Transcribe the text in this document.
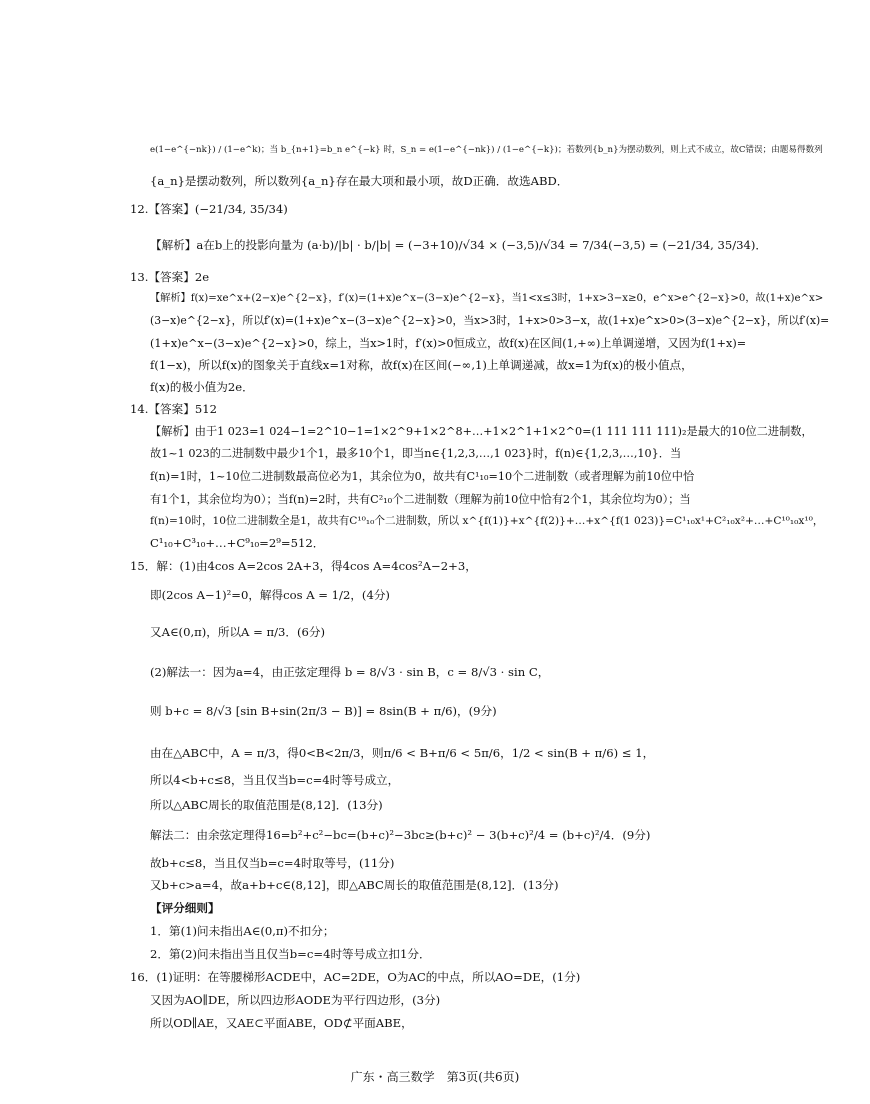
e(1−e^{−nk}) / (1−e^k)；当 b_{n+1}=b_n e^{−k} 时，S_n = e(1−e^{−nk}) / (1−e^{−k})；若数列{b_n}为摆动数列，则上式不成立，故C错误；由题易得数列
{a_n}是摆动数列，所以数列{a_n}存在最大项和最小项，故D正确．故选ABD．
12.【答案】(−21/34, 35/34)
【解析】a在b上的投影向量为 (a·b)/|b| · b/|b| = (−3+10)/√34 × (−3,5)/√34 = 7/34(−3,5) = (−21/34, 35/34)．
13.【答案】2e
【解析】f(x)=xe^x+(2−x)e^{2−x}，f′(x)=(1+x)e^x−(3−x)e^{2−x}，当1<x≤3时，1+x>3−x≥0，e^x>e^{2−x}>0，故(1+x)e^x>
(3−x)e^{2−x}，所以f′(x)=(1+x)e^x−(3−x)e^{2−x}>0，当x>3时，1+x>0>3−x，故(1+x)e^x>0>(3−x)e^{2−x}，所以f′(x)=
(1+x)e^x−(3−x)e^{2−x}>0，综上，当x>1时，f′(x)>0恒成立，故f(x)在区间(1,+∞)上单调递增，又因为f(1+x)=
f(1−x)，所以f(x)的图象关于直线x=1对称，故f(x)在区间(−∞,1)上单调递减，故x=1为f(x)的极小值点，
f(x)的极小值为2e．
14.【答案】512
【解析】由于1 023=1 024−1=2^10−1=1×2^9+1×2^8+…+1×2^1+1×2^0=(1 111 111 111)₂是最大的10位二进制数，
故1~1 023的二进制数中最少1个1，最多10个1，即当n∈{1,2,3,…,1 023}时，f(n)∈{1,2,3,…,10}．当
f(n)=1时，1~10位二进制数最高位必为1，其余位为0，故共有C¹₁₀=10个二进制数（或者理解为前10位中恰
有1个1，其余位均为0）；当f(n)=2时，共有C²₁₀个二进制数（理解为前10位中恰有2个1，其余位均为0）；当
f(n)=10时，10位二进制数全是1，故共有C¹⁰₁₀个二进制数，所以 x^{f(1)}+x^{f(2)}+…+x^{f(1 023)}=C¹₁₀x¹+C²₁₀x²+…+C¹⁰₁₀x¹⁰，
C¹₁₀+C³₁₀+…+C⁹₁₀=2⁹=512．
15．解：(1)由4cos A=2cos 2A+3，得4cos A=4cos²A−2+3，
即(2cos A−1)²=0，解得cos A = 1/2，(4分)
又A∈(0,π)，所以A = π/3．(6分)
(2)解法一：因为a=4，由正弦定理得 b = 8/√3 · sin B，c = 8/√3 · sin C，
则 b+c = 8/√3 [sin B+sin(2π/3 − B)] = 8sin(B + π/6)，(9分)
由在△ABC中，A = π/3，得0<B<2π/3，则π/6 < B+π/6 < 5π/6，1/2 < sin(B + π/6) ≤ 1，
所以4<b+c≤8，当且仅当b=c=4时等号成立，
所以△ABC周长的取值范围是(8,12]．(13分)
解法二：由余弦定理得16=b²+c²−bc=(b+c)²−3bc≥(b+c)² − 3(b+c)²/4 = (b+c)²/4．(9分)
故b+c≤8，当且仅当b=c=4时取等号，(11分)
又b+c>a=4，故a+b+c∈(8,12]，即△ABC周长的取值范围是(8,12]．(13分)
【评分细则】
1．第(1)问未指出A∈(0,π)不扣分；
2．第(2)问未指出当且仅当b=c=4时等号成立扣1分．
16．(1)证明：在等腰梯形ACDE中，AC=2DE，O为AC的中点，所以AO=DE，(1分)
又因为AO∥DE，所以四边形AODE为平行四边形，(3分)
所以OD∥AE，又AE⊂平面ABE，OD⊄平面ABE，
广东・高三数学　第3页(共6页)
